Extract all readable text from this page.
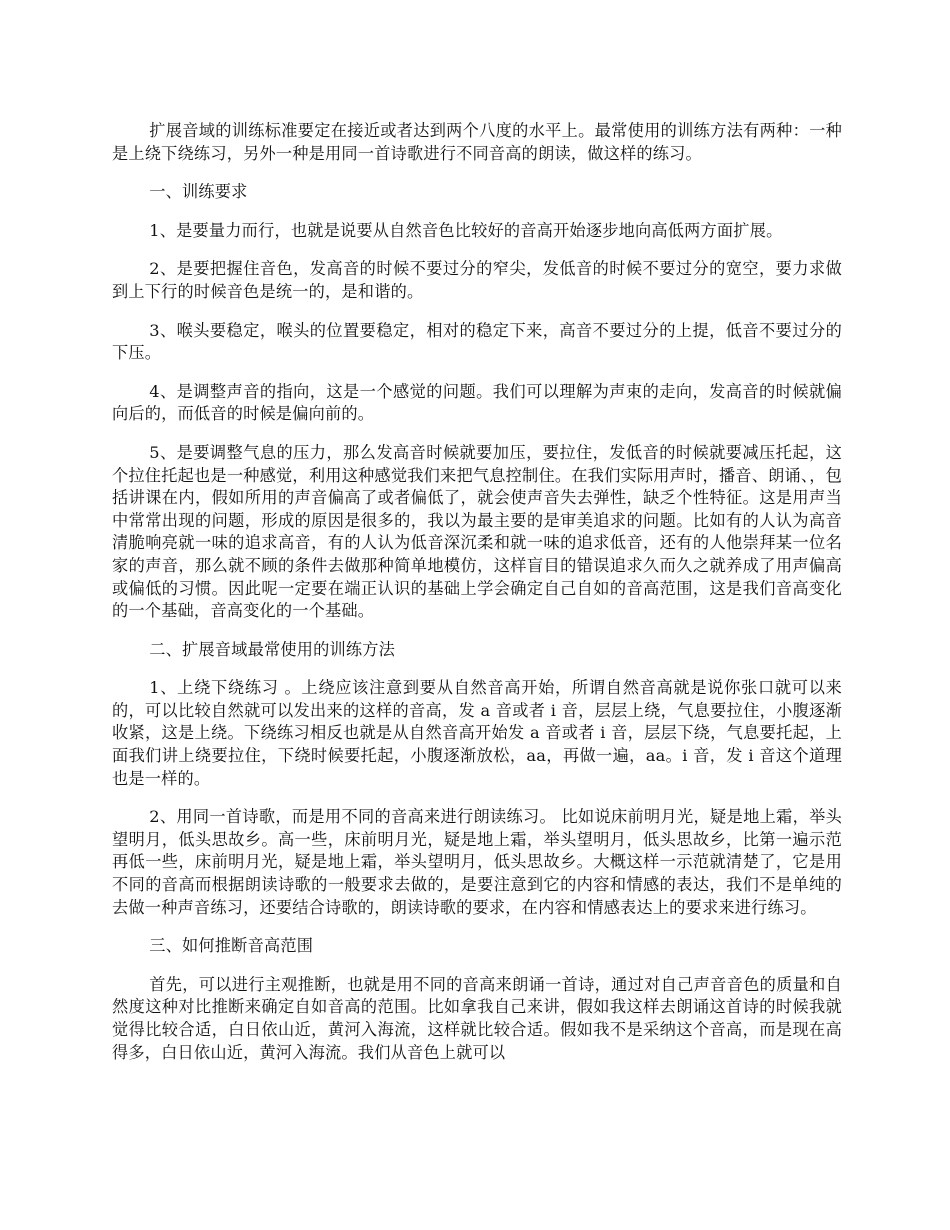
扩展音域的训练标准要定在接近或者达到两个八度的水平上。最常使用的训练方法有两种：一种是上绕下绕练习，另外一种是用同一首诗歌进行不同音高的朗读，做这样的练习。

一、训练要求

1、是要量力而行，也就是说要从自然音色比较好的音高开始逐步地向高低两方面扩展。

2、是要把握住音色，发高音的时候不要过分的窄尖，发低音的时候不要过分的宽空，要力求做到上下行的时候音色是统一的，是和谐的。

3、喉头要稳定，喉头的位置要稳定，相对的稳定下来，高音不要过分的上提，低音不要过分的下压。

4、是调整声音的指向，这是一个感觉的问题。我们可以理解为声束的走向，发高音的时候就偏向后的，而低音的时候是偏向前的。

5、是要调整气息的压力，那么发高音时候就要加压，要拉住，发低音的时候就要减压托起，这个拉住托起也是一种感觉，利用这种感觉我们来把气息控制住。在我们实际用声时，播音、朗诵、，包括讲课在内，假如所用的声音偏高了或者偏低了，就会使声音失去弹性，缺乏个性特征。这是用声当中常常出现的问题，形成的原因是很多的，我以为最主要的是审美追求的问题。比如有的人认为高音清脆响亮就一味的追求高音，有的人认为低音深沉柔和就一味的追求低音，还有的人他崇拜某一位名家的声音，那么就不顾的条件去做那种简单地模仿，这样盲目的错误追求久而久之就养成了用声偏高或偏低的习惯。因此呢一定要在端正认识的基础上学会确定自己自如的音高范围，这是我们音高变化的一个基础，音高变化的一个基础。

二、扩展音域最常使用的训练方法

1、上绕下绕练习 。上绕应该注意到要从自然音高开始，所谓自然音高就是说你张口就可以来的，可以比较自然就可以发出来的这样的音高，发 a 音或者 i 音，层层上绕，气息要拉住，小腹逐渐收紧，这是上绕。下绕练习相反也就是从自然音高开始发 a 音或者 i 音，层层下绕，气息要托起，上面我们讲上绕要拉住，下绕时候要托起，小腹逐渐放松，aa，再做一遍，aa。i 音，发 i 音这个道理也是一样的。

2、用同一首诗歌，而是用不同的音高来进行朗读练习。 比如说床前明月光，疑是地上霜，举头望明月，低头思故乡。高一些，床前明月光，疑是地上霜，举头望明月，低头思故乡，比第一遍示范再低一些，床前明月光，疑是地上霜，举头望明月，低头思故乡。大概这样一示范就清楚了，它是用不同的音高而根据朗读诗歌的一般要求去做的，是要注意到它的内容和情感的表达，我们不是单纯的去做一种声音练习，还要结合诗歌的，朗读诗歌的要求，在内容和情感表达上的要求来进行练习。

三、如何推断音高范围

首先，可以进行主观推断，也就是用不同的音高来朗诵一首诗，通过对自己声音音色的质量和自然度这种对比推断来确定自如音高的范围。比如拿我自己来讲，假如我这样去朗诵这首诗的时候我就觉得比较合适，白日依山近，黄河入海流，这样就比较合适。假如我不是采纳这个音高，而是现在高得多，白日依山近，黄河入海流。我们从音色上就可以
